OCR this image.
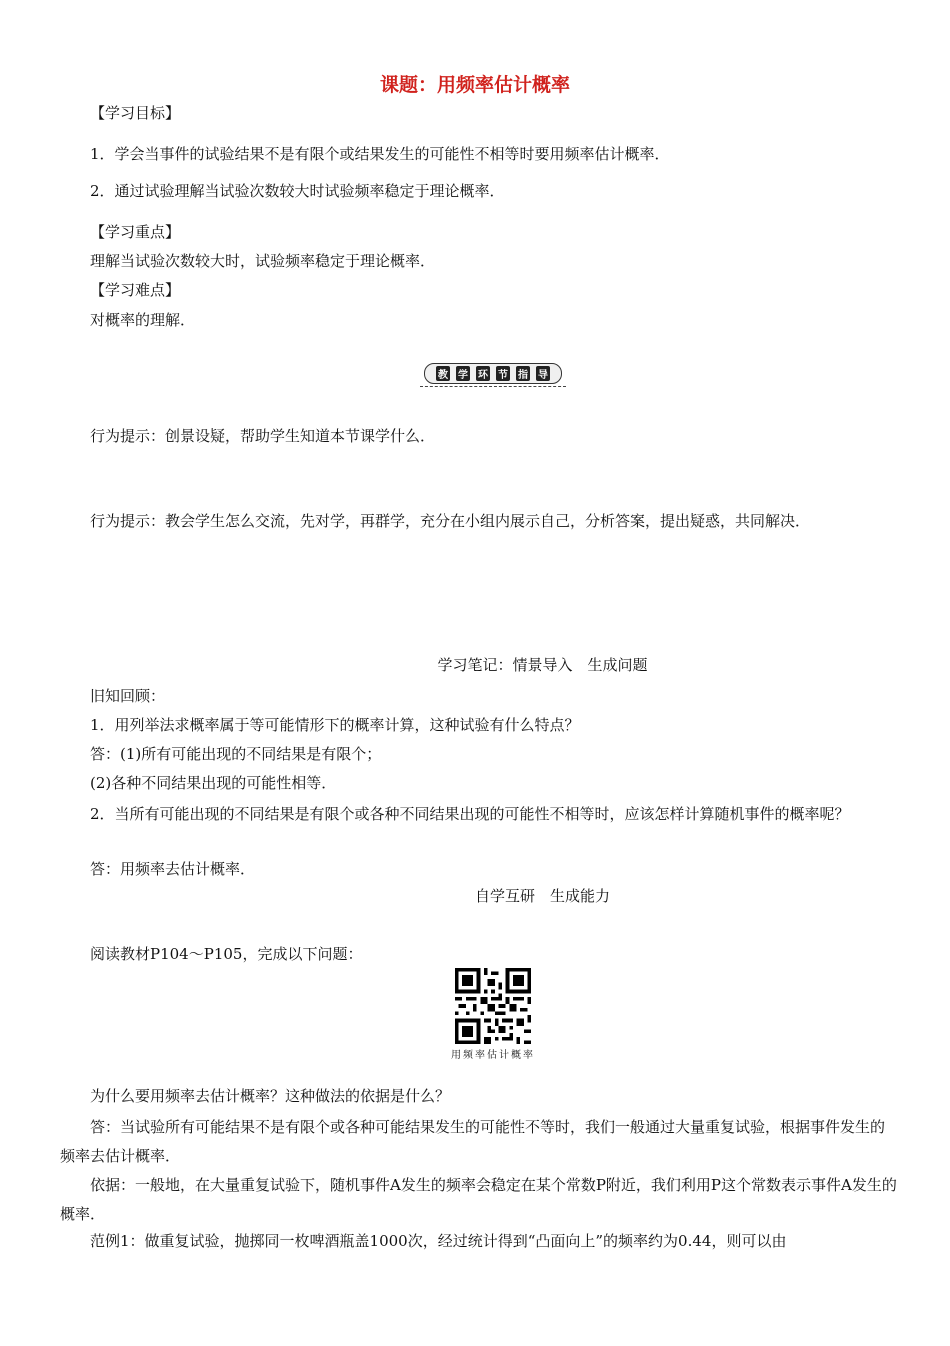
课题：用频率估计概率
【学习目标】
1．学会当事件的试验结果不是有限个或结果发生的可能性不相等时要用频率估计概率．
2．通过试验理解当试验次数较大时试验频率稳定于理论概率．
【学习重点】
理解当试验次数较大时，试验频率稳定于理论概率．
【学习难点】
对概率的理解．
教 学 环 节 指 导
行为提示：创景设疑，帮助学生知道本节课学什么．
行为提示：教会学生怎么交流，先对学，再群学，充分在小组内展示自己，分析答案，提出疑惑，共同解决．
学习笔记：情景导入　生成问题
旧知回顾：
1．用列举法求概率属于等可能情形下的概率计算，这种试验有什么特点？
答：(1)所有可能出现的不同结果是有限个；
(2)各种不同结果出现的可能性相等．
2．当所有可能出现的不同结果是有限个或各种不同结果出现的可能性不相等时，应该怎样计算随机事件的概率呢？
答：用频率去估计概率．
自学互研　生成能力
阅读教材P104～P105，完成以下问题：
用频率估计概率
为什么要用频率去估计概率？这种做法的依据是什么？
答：当试验所有可能结果不是有限个或各种可能结果发生的可能性不等时，我们一般通过大量重复试验，根据事件发生的频率去估计概率．
依据：一般地，在大量重复试验下，随机事件A发生的频率会稳定在某个常数P附近，我们利用P这个常数表示事件A发生的概率．
范例1：做重复试验，抛掷同一枚啤酒瓶盖1000次，经过统计得到“凸面向上”的频率约为0.44，则可以由
